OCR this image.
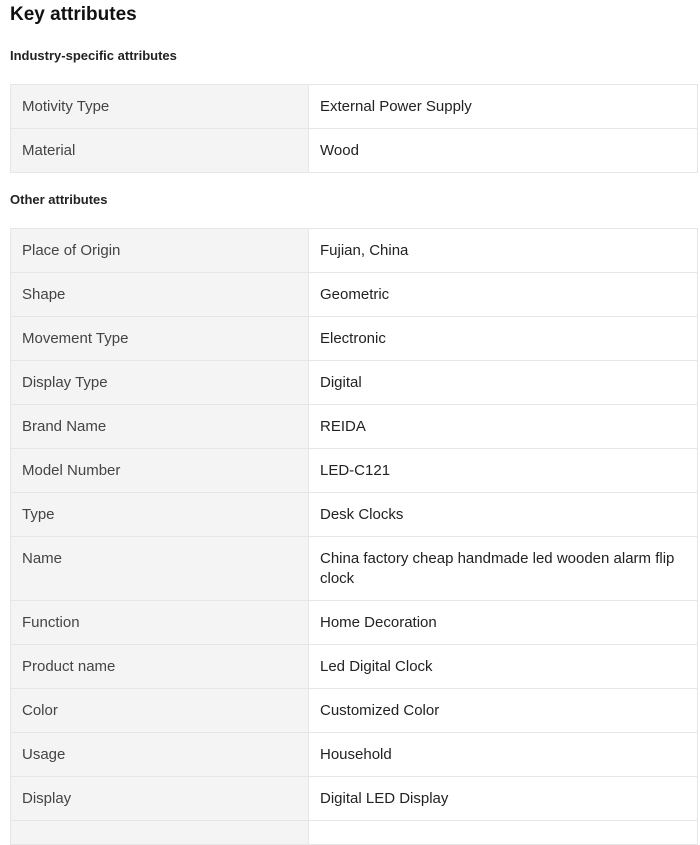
Key attributes
Industry-specific attributes
Motivity Type	External Power Supply
Material	Wood
Other attributes
Place of Origin	Fujian, China
Shape	Geometric
Movement Type	Electronic
Display Type	Digital
Brand Name	REIDA
Model Number	LED-C121
Type	Desk Clocks
Name	China factory cheap handmade led wooden alarm flip clock
Function	Home Decoration
Product name	Led Digital Clock
Color	Customized Color
Usage	Household
Display	Digital LED Display
